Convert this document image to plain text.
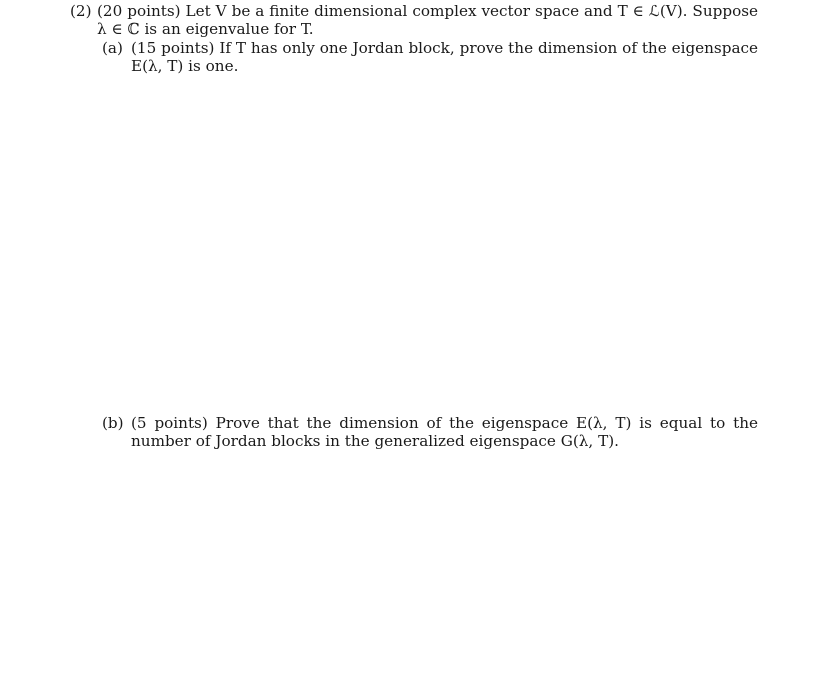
(2) (20 points) Let V be a finite dimensional complex vector space and T ∈ ℒ(V). Suppose λ ∈ ℂ is an eigenvalue for T.
(a) (15 points) If T has only one Jordan block, prove the dimension of the eigenspace E(λ, T) is one.
(b) (5 points) Prove that the dimension of the eigenspace E(λ, T) is equal to the number of Jordan blocks in the generalized eigenspace G(λ, T).
